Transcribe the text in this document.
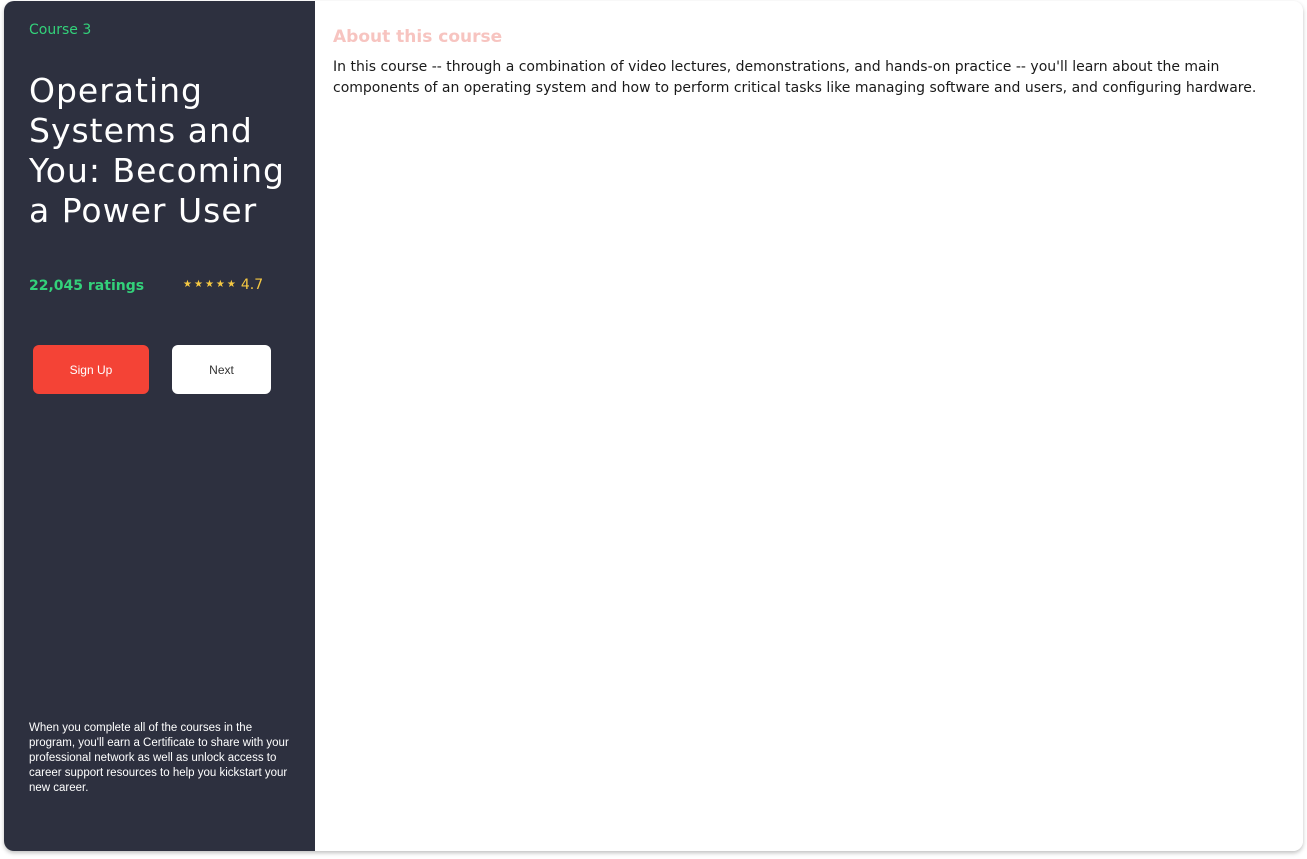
Course 3
Operating Systems and You: Becoming a Power User
22,045 ratings	★ ★ ★ ★ ★ 4.7
Sign Up	Next
When you complete all of the courses in the program, you'll earn a Certificate to share with your professional network as well as unlock access to career support resources to help you kickstart your new career.
About this course

In this course -- through a combination of video lectures, demonstrations, and hands-on practice -- you'll learn about the main components of an operating system and how to perform critical tasks like managing software and users, and configuring hardware.
